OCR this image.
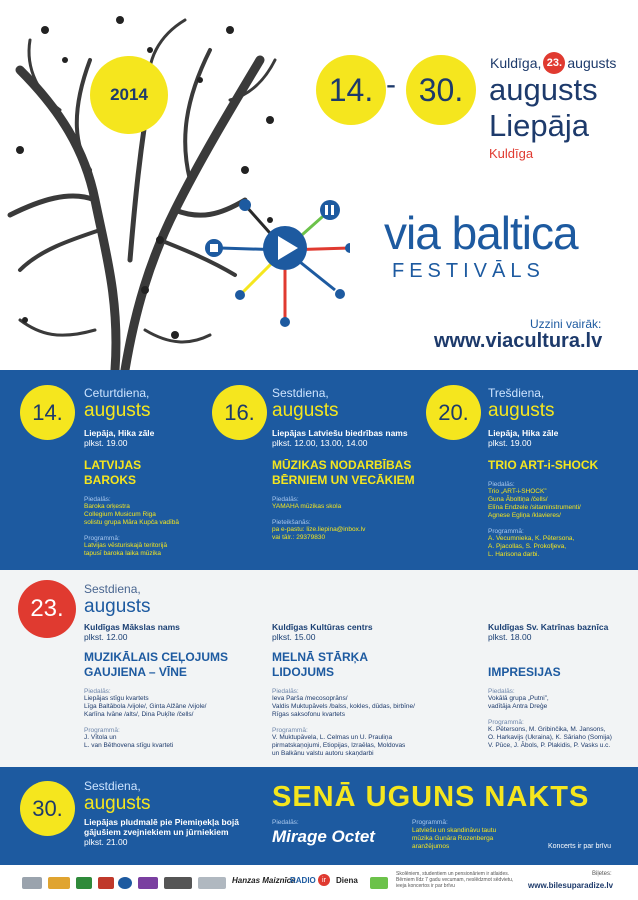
2014	14. - 30.
Kuldīga, 23. augusts
augusts
Liepāja
Kuldīga
via baltica
FESTIVĀLS
Uzzini vairāk:
www.viacultura.lv
14.
Ceturtdiena,
augusts
Liepāja, Hika zāle
plkst. 19.00
LATVIJAS BAROKS
Piedalās:
Baroka orķestra
Collegium Musicum Riga
solistu grupa Māra Kupča vadībā
Programmā:
Latvijas vēsturiskajā teritorijā
tapusī baroka laika mūzika
16.
Sestdiena,
augusts
Liepājas Latviešu biedrības nams
plkst. 12.00, 13.00, 14.00
MŪZIKAS NODARBĪBAS BĒRNIEM UN VECĀKIEM
Piedalās:
YAMAHA mūzikas skola
Pieteikšanās:
pa e-pastu: lize.liepina@inbox.lv
vai tālr.: 29379830
20.
Trešdiena,
augusts
Liepāja, Hika zāle
plkst. 19.00
TRIO ART-i-SHOCK
Piedalās:
Trio „ART-i-SHOCK”
Guna Āboltiņa /čells/
Elīna Endzele /sitaminstrumenti/
Agnese Egliņa /klavieres/
Programmā:
A. Vecumnieka, K. Pētersona,
A. Pjacollas, S. Prokofjeva,
L. Harisona darbi.
23.
Sestdiena,
augusts
Kuldīgas Mākslas nams
plkst. 12.00
MUZIKĀLAIS CEĻOJUMS GAUJIENA – VĪNE
Piedalās:
Liepājas stīgu kvartets
Līga Baltābola /vijole/, Ginta Alžāne /vijole/
Karlīna Ivāne /alts/, Dina Puķīte /čells/
Programmā:
J. Vītola un
L. van Bēthovena stīgu kvarteti
Kuldīgas Kultūras centrs
plkst. 15.00
MELNĀ STĀRĶA LIDOJUMS
Piedalās:
Ieva Parša /mecosoprāns/
Valdis Muktupāvels /balss, kokles, dūdas, birbīne/
Rīgas saksofonu kvartets
Programmā:
V. Muktupāvela, L. Celmas un U. Prauliņa
pirmatskaņojumi, Etiopijas, Izraēlas, Moldovas
un Balkānu valstu autoru skaņdarbi
Kuldīgas Sv. Katrīnas baznīca
plkst. 18.00
IMPRESIJAS
Piedalās:
Vokālā grupa „Putni”,
vadītāja Antra Dreģe
Programmā:
K. Pētersons, M. Gribinčika, M. Jansons,
O. Harkavijs (Ukraina), K. Sāriaho (Somija)
V. Pūce, J. Ābols, P. Plakidis, P. Vasks u.c.
30.
Sestdiena,
augusts
Liepājas pludmalē pie Piemiņekļa bojā
gājušiem zvejniekiem un jūrniekiem
plkst. 21.00
SENĀ UGUNS NAKTS
Piedalās:
Mirage Octet
Programmā:
Latviešu un skandināvu tautu
mūzika Gunāra Rozenberga
aranžējumos	Koncerts ir par brīvu
Hanzas Maiznīca
RADIO ir	Diena
Skolēniem, studentiem un pensionāriem ir atlaides.
Bērniem līdz 7 gadu vecumam, neslēdzmot sēdvietu,
ieeja koncertos ir par brīvu
Biļetes:
www.bilesuparadize.lv
